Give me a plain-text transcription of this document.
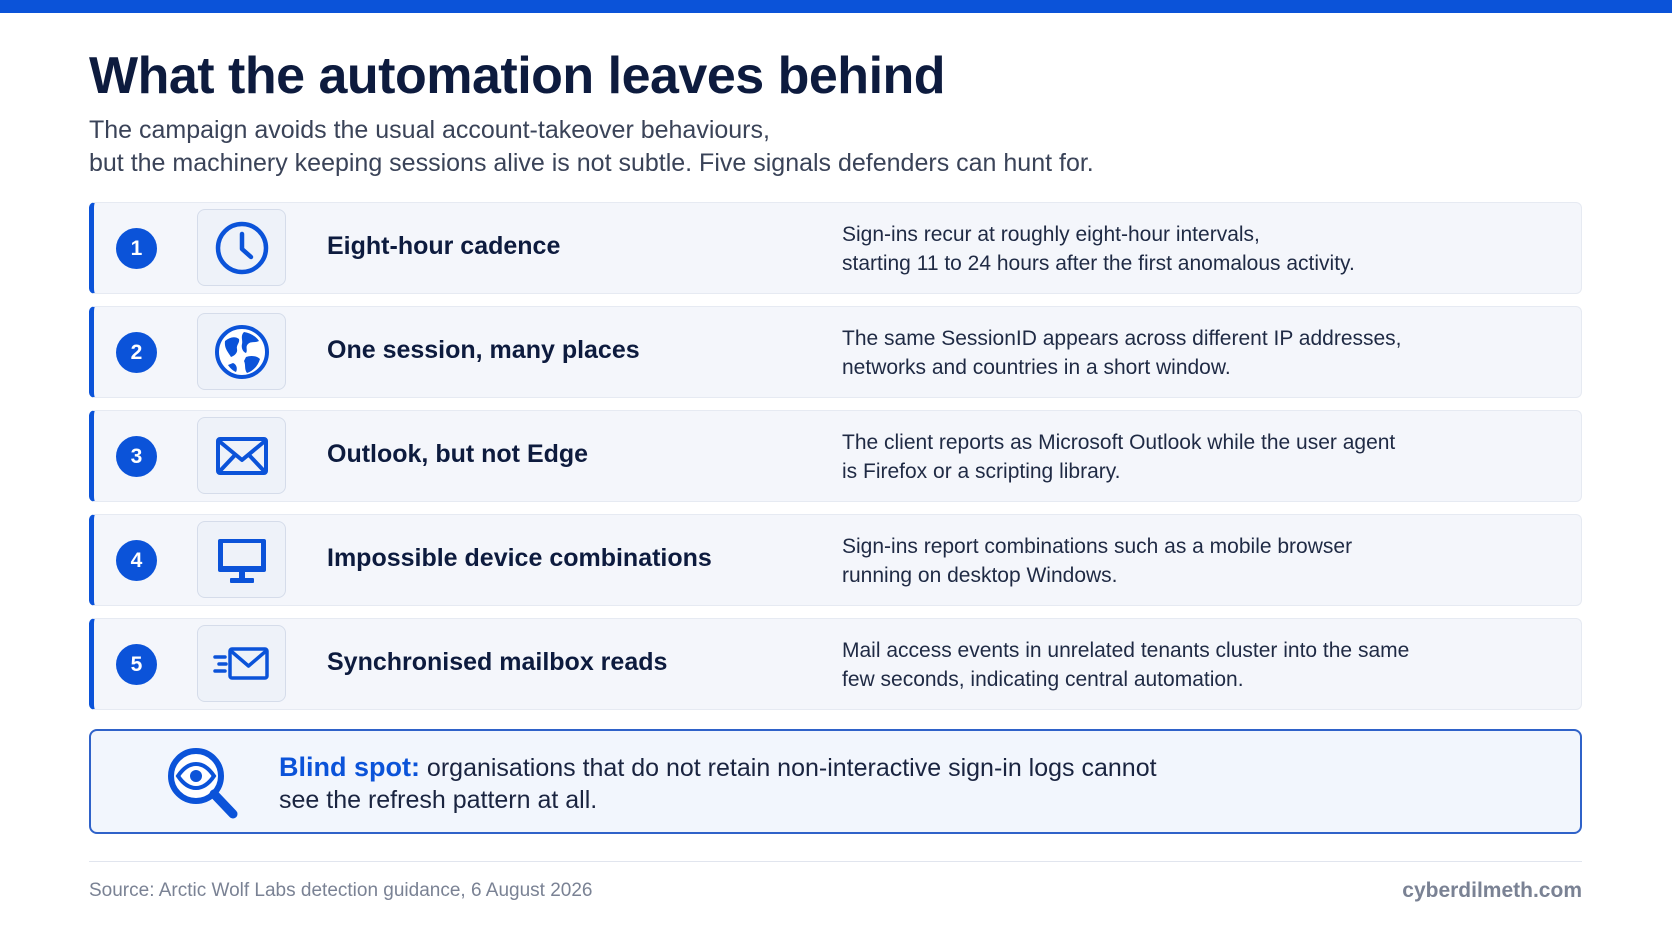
What the automation leaves behind
The campaign avoids the usual account-takeover behaviours,
but the machinery keeping sessions alive is not subtle. Five signals defenders can hunt for.
1	Eight-hour cadence	Sign-ins recur at roughly eight-hour intervals,
starting 11 to 24 hours after the first anomalous activity.
2	One session, many places	The same SessionID appears across different IP addresses,
networks and countries in a short window.
3	Outlook, but not Edge	The client reports as Microsoft Outlook while the user agent
is Firefox or a scripting library.
4	Impossible device combinations	Sign-ins report combinations such as a mobile browser
running on desktop Windows.
5	Synchronised mailbox reads	Mail access events in unrelated tenants cluster into the same
few seconds, indicating central automation.
Blind spot: organisations that do not retain non-interactive sign-in logs cannot
see the refresh pattern at all.
Source: Arctic Wolf Labs detection guidance, 6 August 2026	cyberdilmeth.com
